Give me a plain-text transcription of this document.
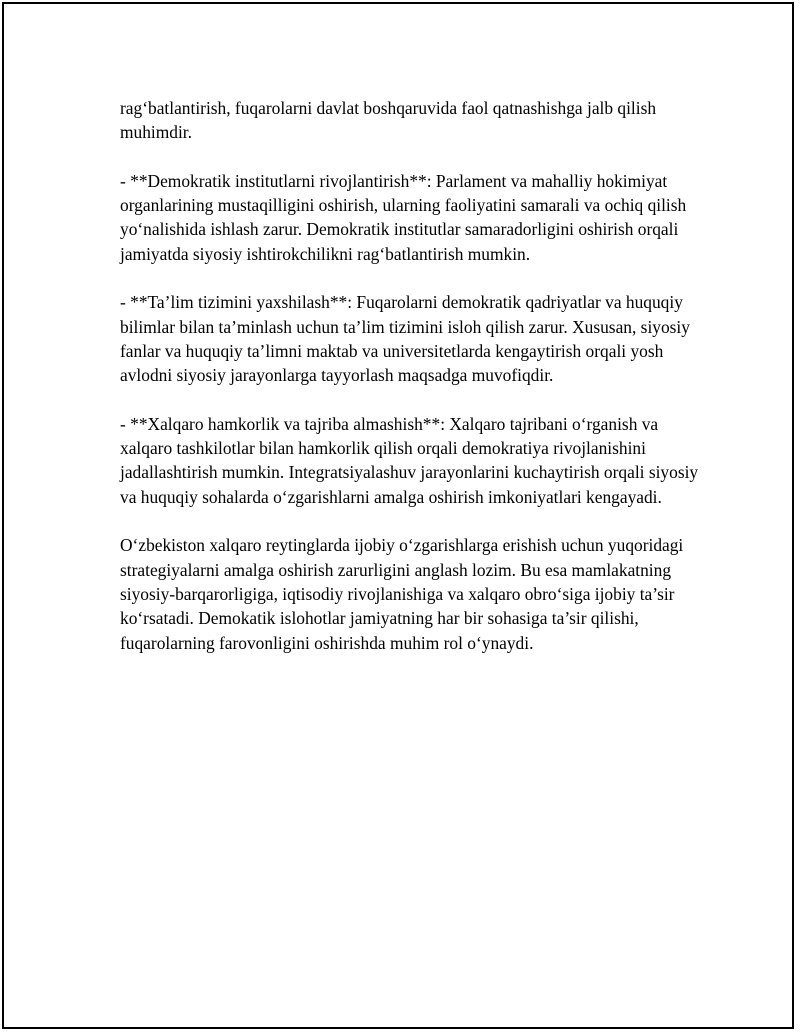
rag‘batlantirish, fuqarolarni davlat boshqaruvida faol qatnashishga jalb qilish muhimdir.

- **Demokratik institutlarni rivojlantirish**: Parlament va mahalliy hokimiyat organlarining mustaqilligini oshirish, ularning faoliyatini samarali va ochiq qilish yo‘nalishida ishlash zarur. Demokratik institutlar samaradorligini oshirish orqali jamiyatda siyosiy ishtirokchilikni rag‘batlantirish mumkin.

- **Ta’lim tizimini yaxshilash**: Fuqarolarni demokratik qadriyatlar va huquqiy bilimlar bilan ta’minlash uchun ta’lim tizimini isloh qilish zarur. Xususan, siyosiy fanlar va huquqiy ta’limni maktab va universitetlarda kengaytirish orqali yosh avlodni siyosiy jarayonlarga tayyorlash maqsadga muvofiqdir.

- **Xalqaro hamkorlik va tajriba almashish**: Xalqaro tajribani o‘rganish va xalqaro tashkilotlar bilan hamkorlik qilish orqali demokratiya rivojlanishini jadallashtirish mumkin. Integratsiyalashuv jarayonlarini kuchaytirish orqali siyosiy va huquqiy sohalarda o‘zgarishlarni amalga oshirish imkoniyatlari kengayadi.

O‘zbekiston xalqaro reytinglarda ijobiy o‘zgarishlarga erishish uchun yuqoridagi strategiyalarni amalga oshirish zarurligini anglash lozim. Bu esa mamlakatning siyosiy-barqarorligiga, iqtisodiy rivojlanishiga va xalqaro obro‘siga ijobiy ta’sir ko‘rsatadi. Demokatik islohotlar jamiyatning har bir sohasiga ta’sir qilishi, fuqarolarning farovonligini oshirishda muhim rol o‘ynaydi.
